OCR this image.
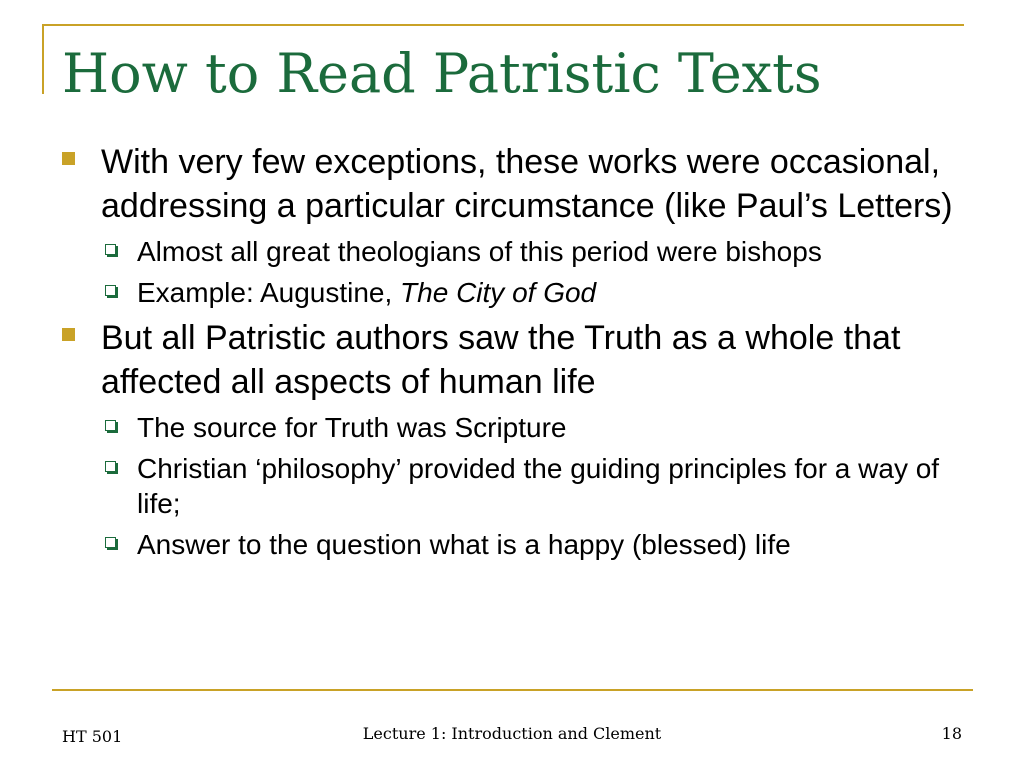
How to Read Patristic Texts
With very few exceptions, these works were occasional, addressing a particular circumstance (like Paul’s Letters)
Almost all great theologians of this period were bishops
Example: Augustine, The City of God
But all Patristic authors saw the Truth as a whole that affected all aspects of human life
The source for Truth was Scripture
Christian ‘philosophy’ provided the guiding principles for a way of life;
Answer to the question what is a happy (blessed) life
HT 501	Lecture 1: Introduction and Clement	18
